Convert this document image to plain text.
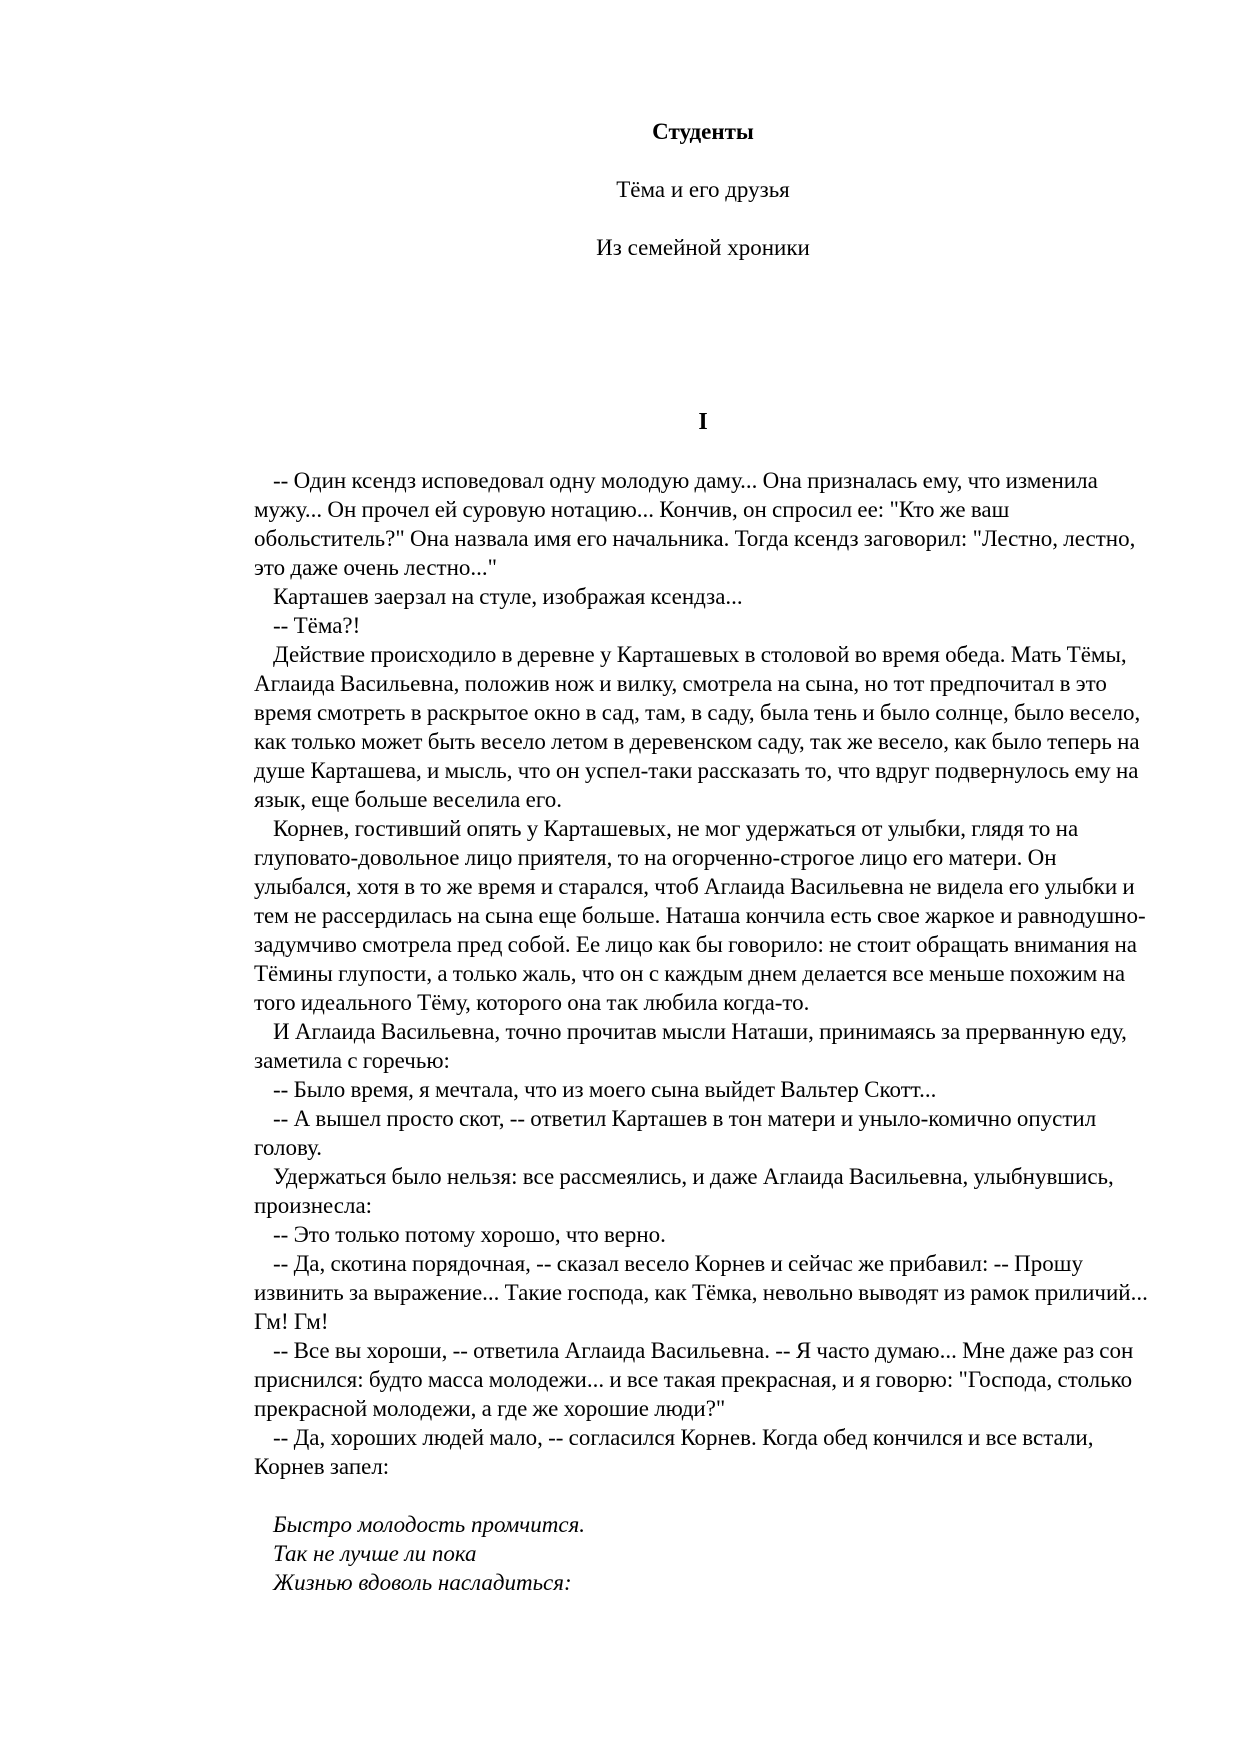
Студенты
Тёма и его друзья
Из семейной хроники
I

-- Один ксендз исповедовал одну молодую даму... Она призналась ему, что изменила мужу... Он прочел ей суровую нотацию... Кончив, он спросил ее: "Кто же ваш обольститель?" Она назвала имя его начальника. Тогда ксендз заговорил: "Лестно, лестно, это даже очень лестно..."

Карташев заерзал на стуле, изображая ксендза...

-- Тёма?!

Действие происходило в деревне у Карташевых в столовой во время обеда. Мать Тёмы, Аглаида Васильевна, положив нож и вилку, смотрела на сына, но тот предпочитал в это время смотреть в раскрытое окно в сад, там, в саду, была тень и было солнце, было весело, как только может быть весело летом в деревенском саду, так же весело, как было теперь на душе Карташева, и мысль, что он успел-таки рассказать то, что вдруг подвернулось ему на язык, еще больше веселила его.

Корнев, гостивший опять у Карташевых, не мог удержаться от улыбки, глядя то на глуповато-довольное лицо приятеля, то на огорченно-строгое лицо его матери. Он улыбался, хотя в то же время и старался, чтоб Аглаида Васильевна не видела его улыбки и тем не рассердилась на сына еще больше. Наташа кончила есть свое жаркое и равнодушно-задумчиво смотрела пред собой. Ее лицо как бы говорило: не стоит обращать внимания на Тёмины глупости, а только жаль, что он с каждым днем делается все меньше похожим на того идеального Тёму, которого она так любила когда-то.

И Аглаида Васильевна, точно прочитав мысли Наташи, принимаясь за прерванную еду, заметила с горечью:

-- Было время, я мечтала, что из моего сына выйдет Вальтер Скотт...

-- А вышел просто скот, -- ответил Карташев в тон матери и уныло-комично опустил голову.

Удержаться было нельзя: все рассмеялись, и даже Аглаида Васильевна, улыбнувшись, произнесла:

-- Это только потому хорошо, что верно.

-- Да, скотина порядочная, -- сказал весело Корнев и сейчас же прибавил: -- Прошу извинить за выражение... Такие господа, как Тёмка, невольно выводят из рамок приличий... Гм! Гм!

-- Все вы хороши, -- ответила Аглаида Васильевна. -- Я часто думаю... Мне даже раз сон приснился: будто масса молодежи... и все такая прекрасная, и я говорю: "Господа, столько прекрасной молодежи, а где же хорошие люди?"

-- Да, хороших людей мало, -- согласился Корнев. Когда обед кончился и все встали, Корнев запел:

Быстро молодость промчится.
Так не лучше ли пока
Жизнью вдоволь насладиться:
